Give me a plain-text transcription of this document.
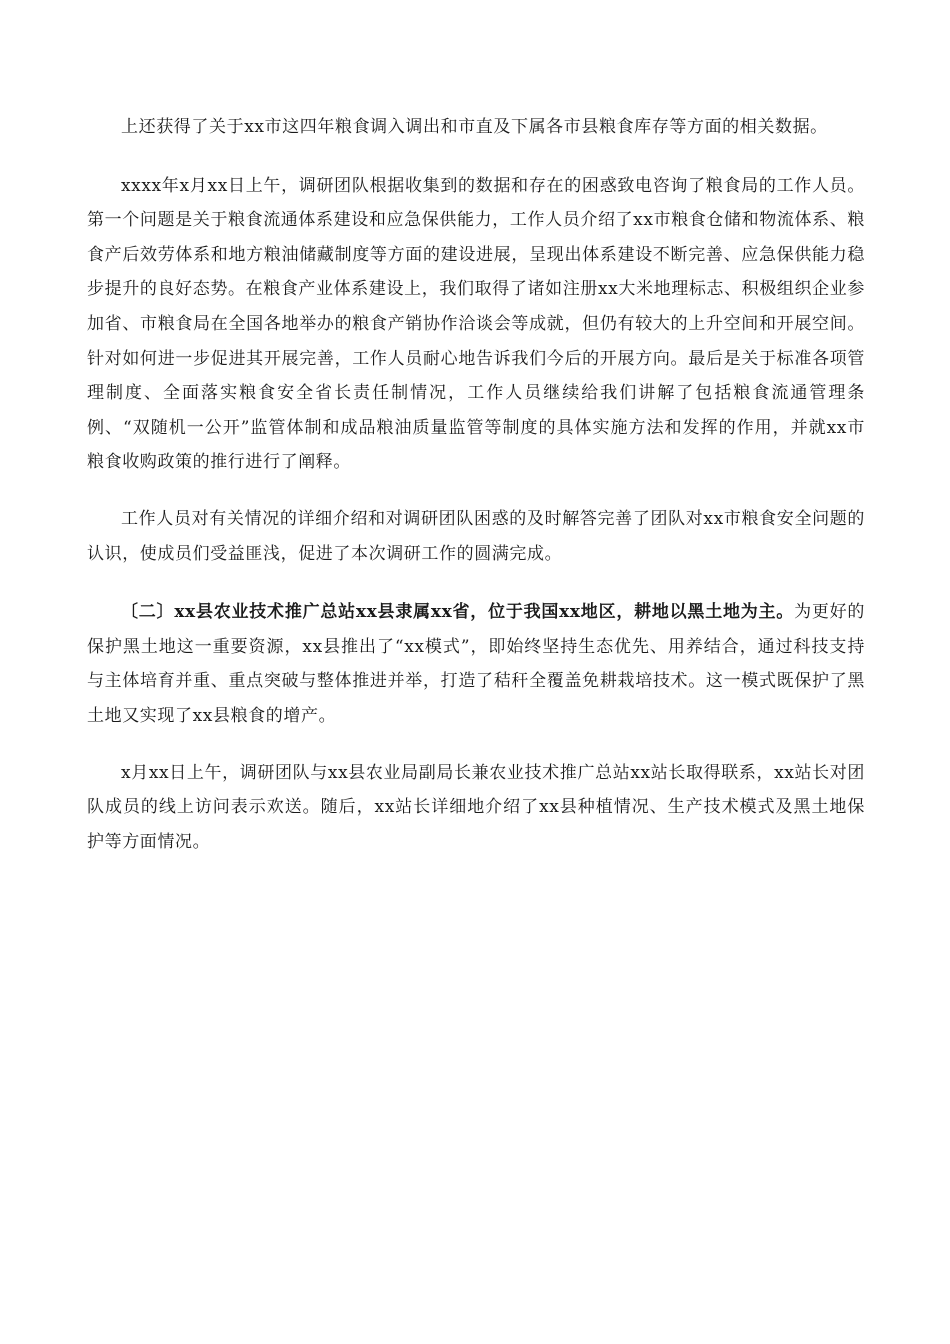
上还获得了关于xx市这四年粮食调入调出和市直及下属各市县粮食库存等方面的相关数据。

xxxx年x月xx日上午，调研团队根据收集到的数据和存在的困惑致电咨询了粮食局的工作人员。第一个问题是关于粮食流通体系建设和应急保供能力，工作人员介绍了xx市粮食仓储和物流体系、粮食产后效劳体系和地方粮油储藏制度等方面的建设进展，呈现出体系建设不断完善、应急保供能力稳步提升的良好态势。在粮食产业体系建设上，我们取得了诸如注册xx大米地理标志、积极组织企业参加省、市粮食局在全国各地举办的粮食产销协作洽谈会等成就，但仍有较大的上升空间和开展空间。针对如何进一步促进其开展完善，工作人员耐心地告诉我们今后的开展方向。最后是关于标准各项管理制度、全面落实粮食安全省长责任制情况，工作人员继续给我们讲解了包括粮食流通管理条例、“双随机一公开”监管体制和成品粮油质量监管等制度的具体实施方法和发挥的作用，并就xx市粮食收购政策的推行进行了阐释。

工作人员对有关情况的详细介绍和对调研团队困惑的及时解答完善了团队对xx市粮食安全问题的认识，使成员们受益匪浅，促进了本次调研工作的圆满完成。

〔二〕xx县农业技术推广总站xx县隶属xx省，位于我国xx地区，耕地以黑土地为主。为更好的保护黑土地这一重要资源，xx县推出了“xx模式”，即始终坚持生态优先、用养结合，通过科技支持与主体培育并重、重点突破与整体推进并举，打造了秸秆全覆盖免耕栽培技术。这一模式既保护了黑土地又实现了xx县粮食的增产。

x月xx日上午，调研团队与xx县农业局副局长兼农业技术推广总站xx站长取得联系，xx站长对团队成员的线上访问表示欢送。随后，xx站长详细地介绍了xx县种植情况、生产技术模式及黑土地保护等方面情况。
